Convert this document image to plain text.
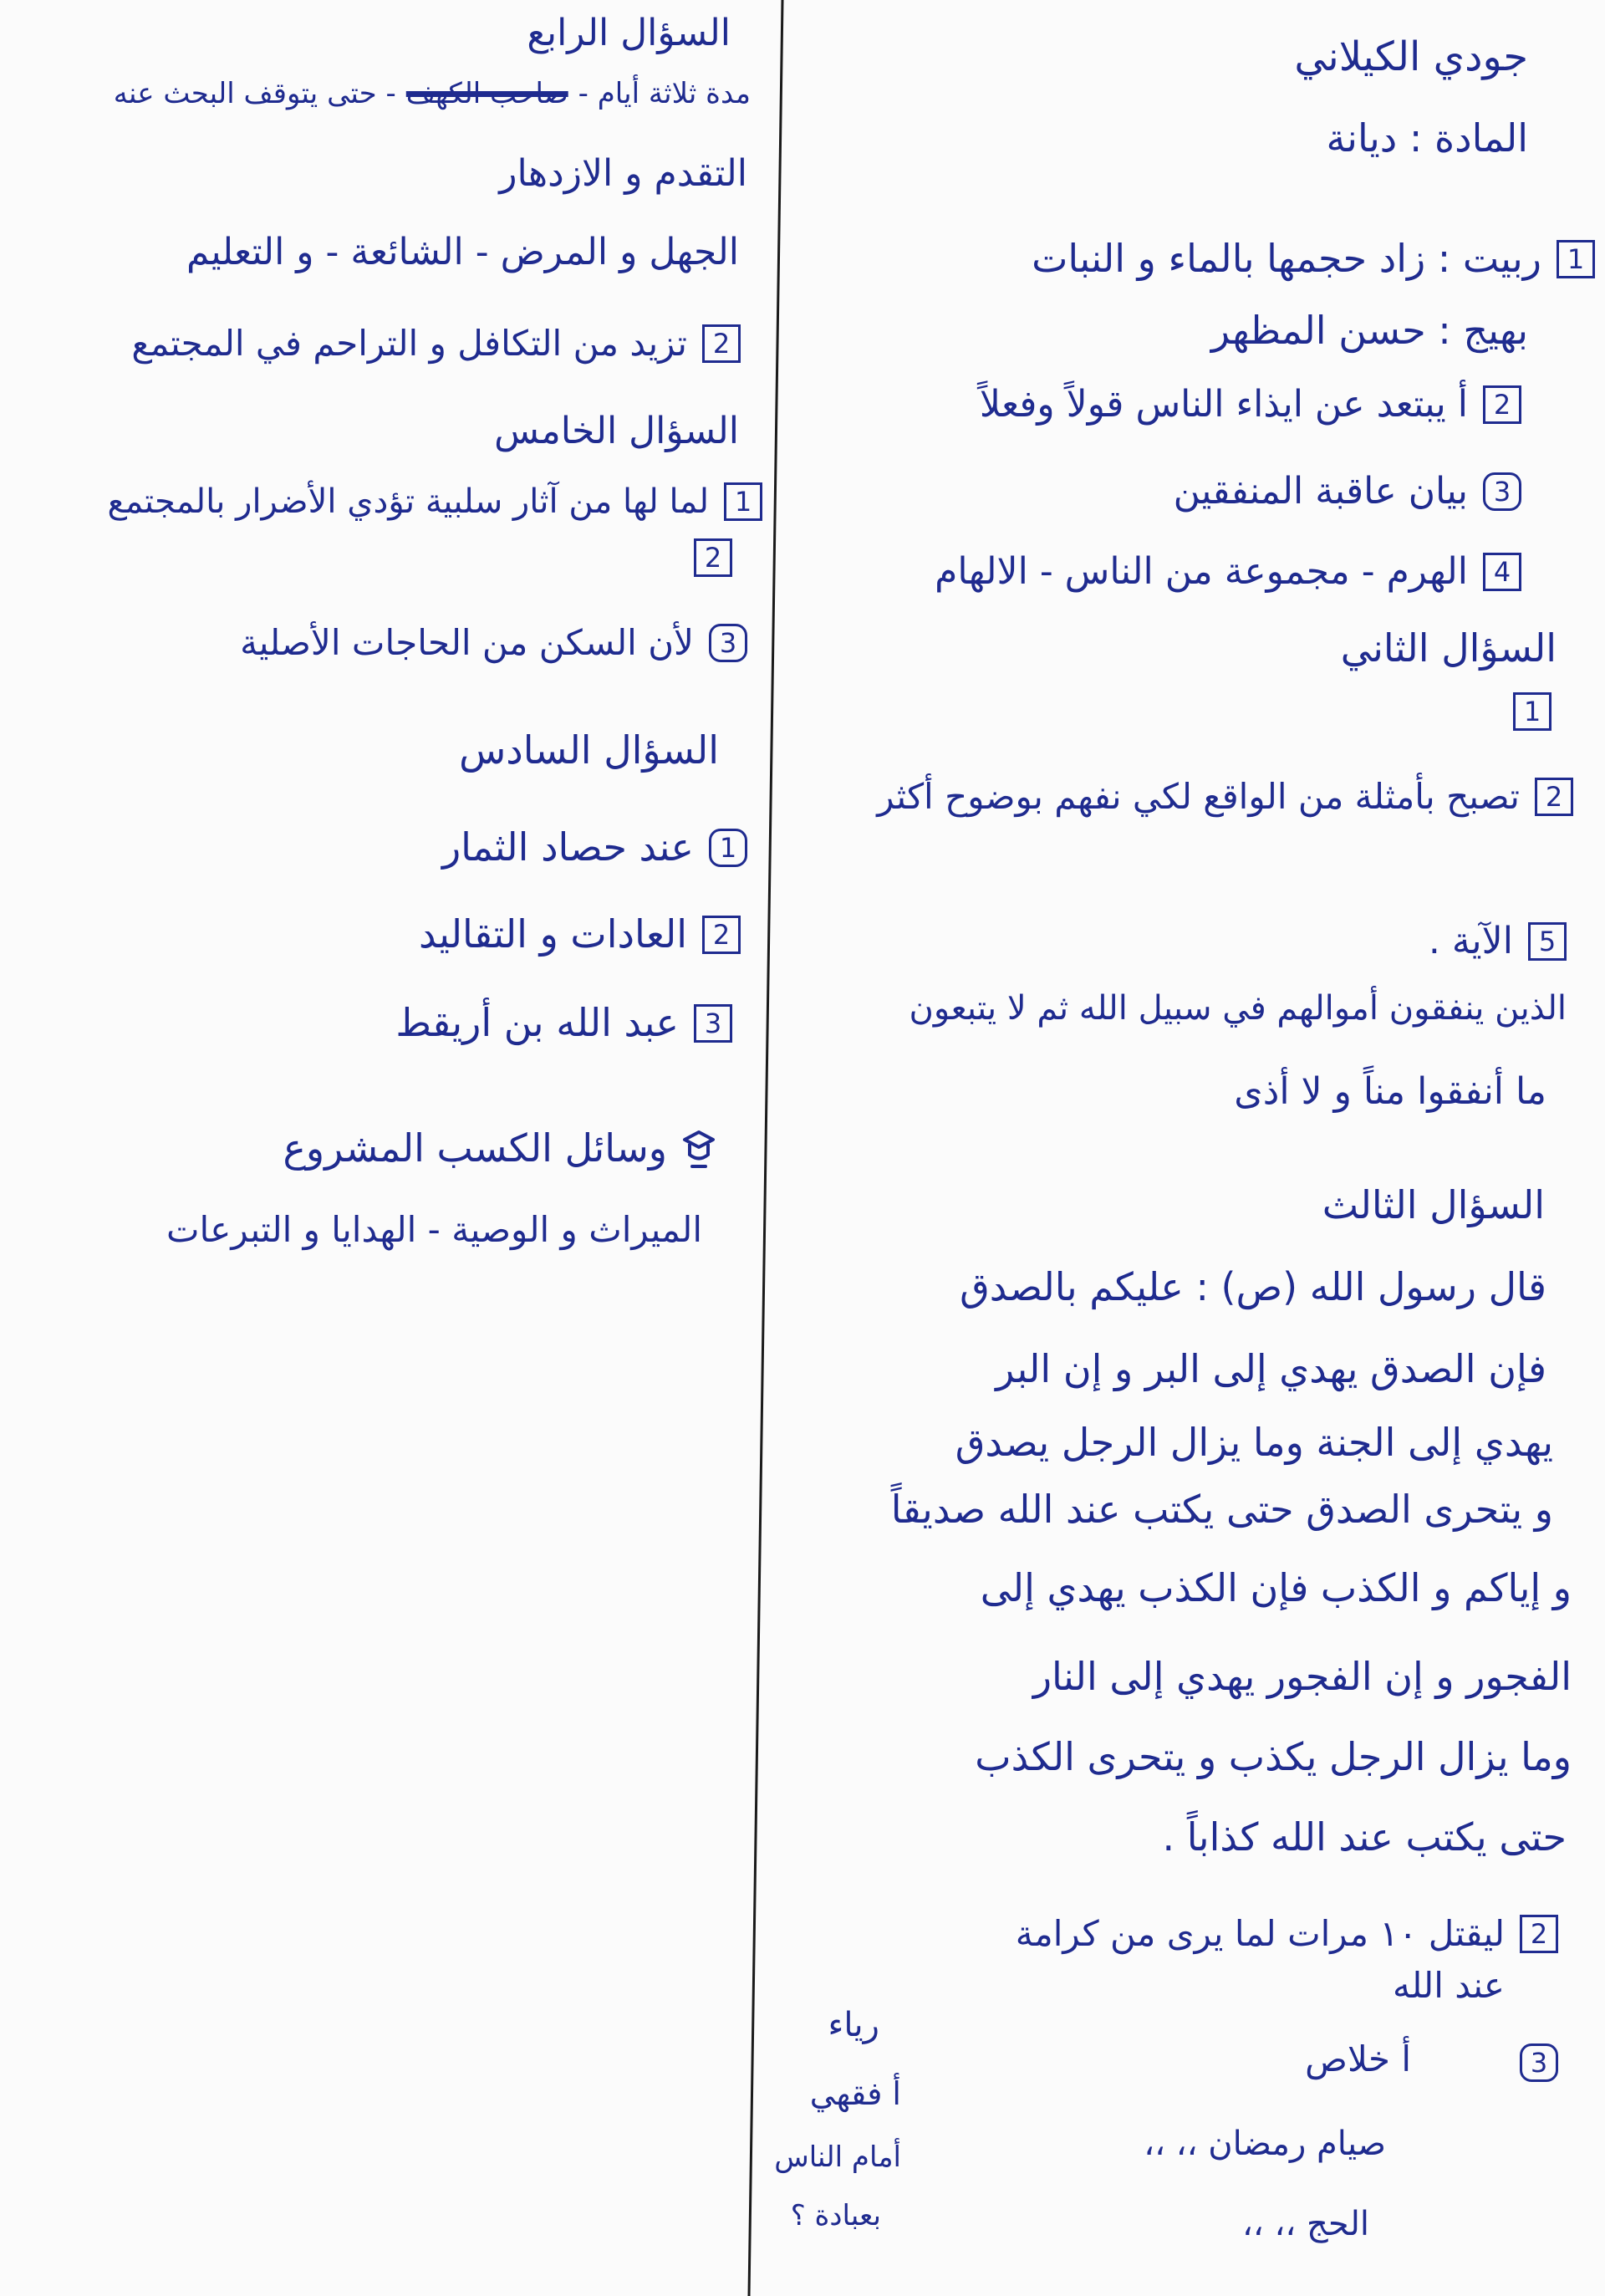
جودي الكيلاني
المادة : ديانة
1
ربيت : زاد حجمها بالماء و النبات
بهيج : حسن المظهر
2
أ يبتعد عن ايذاء الناس قولاً وفعلاً
3
بيان عاقبة المنفقين
4
الهرم - مجموعة من الناس - الالهام
السؤال الثاني
1
2
تصبح بأمثلة من الواقع لكي نفهم بوضوح أكثر
5
الآية .
الذين ينفقون أموالهم في سبيل الله ثم لا يتبعون
ما أنفقوا مناً و لا أذى
السؤال الثالث
قال رسول الله (ص) : عليكم بالصدق
فإن الصدق يهدي إلى البر و إن البر
يهدي إلى الجنة وما يزال الرجل يصدق
و يتحرى الصدق حتى يكتب عند الله صديقاً
و إياكم و الكذب فإن الكذب يهدي إلى
الفجور و إن الفجور يهدي إلى النار
وما يزال الرجل يكذب و يتحرى الكذب
حتى يكتب عند الله كذاباً .
2
ليقتل ١٠ مرات لما يرى من كرامة
عند الله
3
أ خلاص
صيام رمضان ،، ،،
الحج ،، ،،
رياء
أ فقهي
أمام الناس
بعبادة ؟
السؤال الرابع
مدة ثلاثة أيام -
صاحب الكهف
- حتى يتوقف البحث عنه
التقدم و الازدهار
الجهل و المرض - الشائعة - و التعليم
2
تزيد من التكافل و التراحم في المجتمع
السؤال الخامس
1
لما لها من آثار سلبية تؤدي الأضرار بالمجتمع
2
3
لأن السكن من الحاجات الأصلية
السؤال السادس
1
عند حصاد الثمار
2
العادات و التقاليد
3
عبد الله بن أريقط
وسائل الكسب المشروع
الميراث و الوصية - الهدايا و التبرعات
